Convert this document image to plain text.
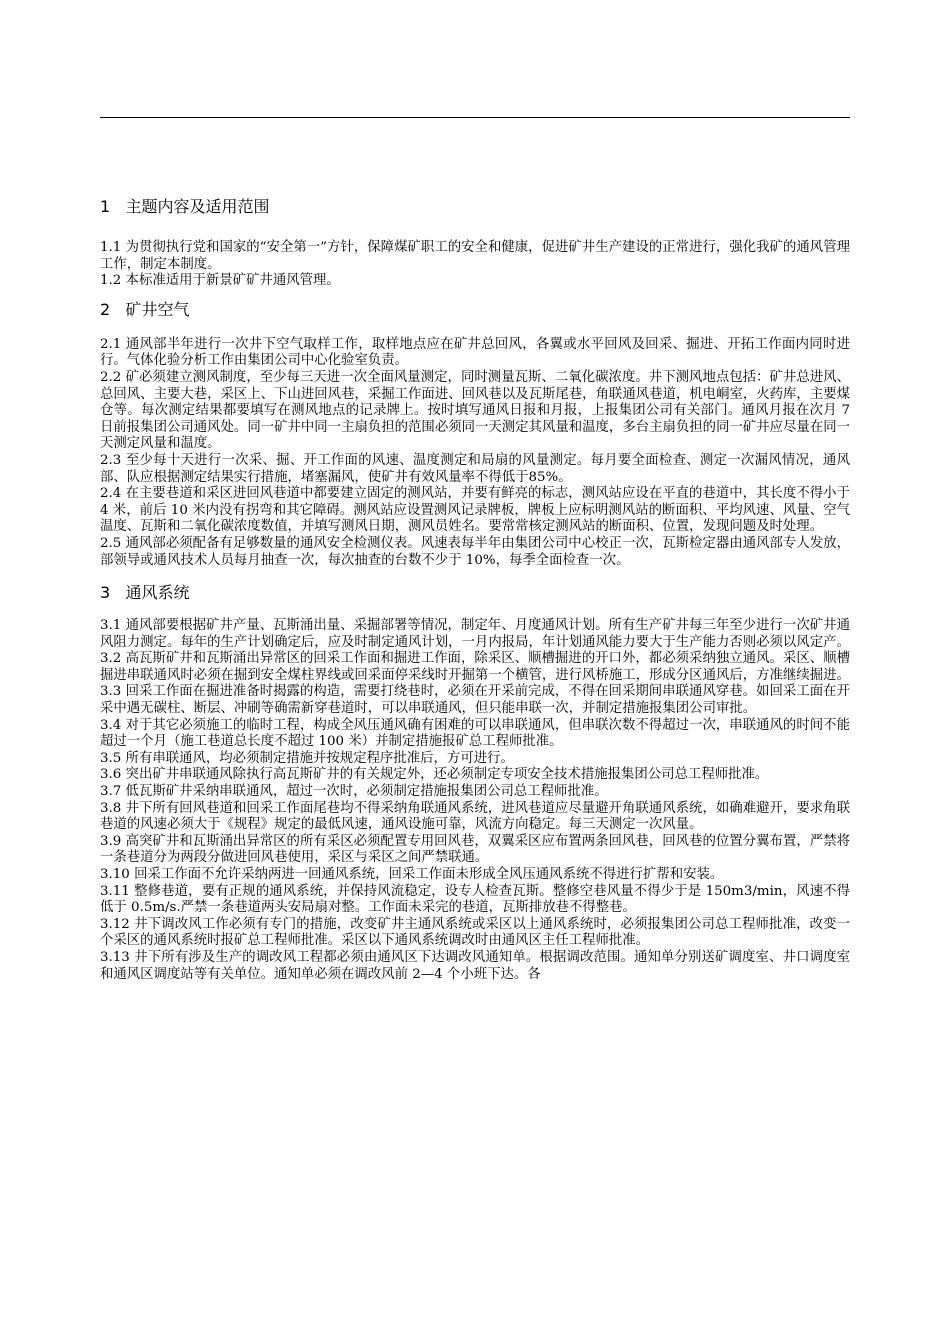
1   主题内容及适用范围

1.1 为贯彻执行党和国家的“安全第一”方针，保障煤矿职工的安全和健康，促进矿井生产建设的正常进行，强化我矿的通风管理工作，制定本制度。

1.2 本标准适用于新景矿矿井通风管理。

2   矿井空气

2.1 通风部半年进行一次井下空气取样工作，取样地点应在矿井总回风，各翼或水平回风及回采、掘进、开拓工作面内同时进行。气体化验分析工作由集团公司中心化验室负责。

2.2 矿必须建立测风制度，至少每三天进一次全面风量测定，同时测量瓦斯、二氧化碳浓度。井下测风地点包括：矿井总进风、总回风、主要大巷，采区上、下山进回风巷，采掘工作面进、回风巷以及瓦斯尾巷，角联通风巷道，机电峒室，火药库，主要煤仓等。每次测定结果都要填写在测风地点的记录牌上。按时填写通风日报和月报，上报集团公司有关部门。通风月报在次月 7 日前报集团公司通风处。同一矿井中同一主扇负担的范围必须同一天测定其风量和温度，多台主扇负担的同一矿井应尽量在同一天测定风量和温度。

2.3 至少每十天进行一次采、掘、开工作面的风速、温度测定和局扇的风量测定。每月要全面检查、测定一次漏风情况，通风部、队应根据测定结果实行措施，堵塞漏风，使矿井有效风量率不得低于85%。

2.4 在主要巷道和采区进回风巷道中都要建立固定的测风站，并要有鲜亮的标志，测风站应设在平直的巷道中，其长度不得小于 4 米，前后 10 米内没有拐弯和其它障碍。测风站应设置测风记录牌板，牌板上应标明测风站的断面积、平均风速、风量、空气温度、瓦斯和二氧化碳浓度数值，并填写测风日期，测风员姓名。要常常核定测风站的断面积、位置，发现问题及时处理。

2.5 通风部必须配备有足够数量的通风安全检测仪表。风速表每半年由集团公司中心校正一次，瓦斯检定器由通风部专人发放，部领导或通风技术人员每月抽查一次，每次抽查的台数不少于 10%，每季全面检查一次。

3   通风系统

3.1 通风部要根据矿井产量、瓦斯涌出量、采掘部署等情况，制定年、月度通风计划。所有生产矿井每三年至少进行一次矿井通风阻力测定。每年的生产计划确定后，应及时制定通风计划，一月内报局，年计划通风能力要大于生产能力否则必须以风定产。

3.2 高瓦斯矿井和瓦斯涌出异常区的回采工作面和掘进工作面，除采区、顺槽掘进的开口外，都必须采纳独立通风。采区、顺槽掘进串联通风时必须在掘到安全煤柱界线或回采面停采线时开掘第一个横管，进行风桥施工，形成分区通风后，方准继续掘进。

3.3 回采工作面在掘进准备时揭露的构造，需要打绕巷时，必须在开采前完成，不得在回采期间串联通风穿巷。如回采工面在开采中遇无碳柱、断层、冲刷等确需新穿巷道时，可以串联通风，但只能串联一次，并制定措施报集团公司审批。

3.4 对于其它必须施工的临时工程，构成全风压通风确有困难的可以串联通风，但串联次数不得超过一次，串联通风的时间不能超过一个月（施工巷道总长度不超过 100 米）并制定措施报矿总工程师批准。

3.5 所有串联通风，均必须制定措施并按规定程序批准后，方可进行。

3.6 突出矿井串联通风除执行高瓦斯矿井的有关规定外，还必须制定专项安全技术措施报集团公司总工程师批准。

3.7 低瓦斯矿井采纳串联通风，超过一次时，必须制定措施报集团公司总工程师批准。

3.8 井下所有回风巷道和回采工作面尾巷均不得采纳角联通风系统，进风巷道应尽量避开角联通风系统，如确难避开，要求角联巷道的风速必须大于《规程》规定的最低风速，通风设施可靠，风流方向稳定。每三天测定一次风量。

3.9 高突矿井和瓦斯涌出异常区的所有采区必须配置专用回风巷，双翼采区应布置两条回风巷，回风巷的位置分翼布置，严禁将一条巷道分为两段分做进回风巷使用，采区与采区之间严禁联通。

3.10 回采工作面不允许采纳两进一回通风系统，回采工作面未形成全风压通风系统不得进行扩帮和安装。

3.11 整修巷道，要有正规的通风系统，并保持风流稳定，设专人检查瓦斯。整修空巷风量不得少于是 150m3/min，风速不得低于 0.5m/s.严禁一条巷道两头安局扇对整。工作面未采完的巷道，瓦斯排放巷不得整巷。

3.12 井下调改风工作必须有专门的措施，改变矿井主通风系统或采区以上通风系统时，必须报集团公司总工程师批准，改变一个采区的通风系统时报矿总工程师批准。采区以下通风系统调改时由通风区主任工程师批准。

3.13 井下所有涉及生产的调改风工程都必须由通风区下达调改风通知单。根据调改范围。通知单分别送矿调度室、井口调度室和通风区调度站等有关单位。通知单必须在调改风前 2—4 个小班下达。各
